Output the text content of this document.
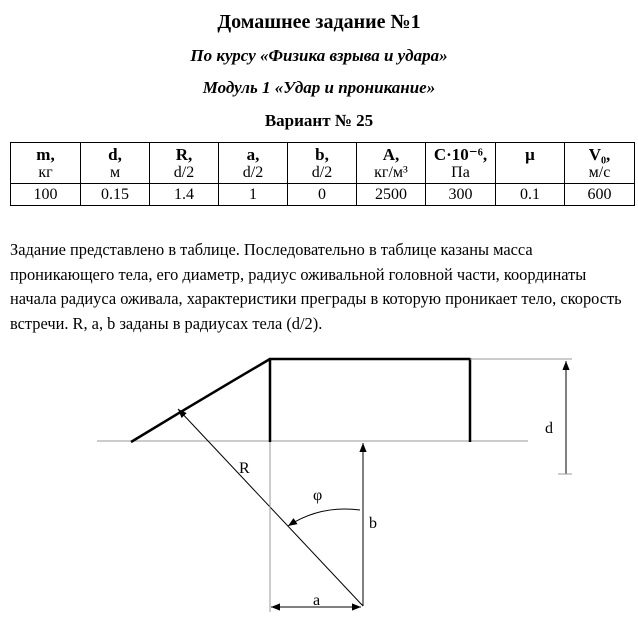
Домашнее задание №1
По курсу «Физика взрыва и удара»
Модуль 1 «Удар и проникание»
Вариант № 25
m,	d,	R,	a,	b,	A,	C·10⁻⁶,	μ	V₀,
кг	м	d/2	d/2	d/2	кг/м³	Па		м/с
100	0.15	1.4	1	0	2500	300	0.1	600

Задание представлено в таблице. Последовательно в таблице казаны масса проникающего тела, его диаметр, радиус оживальной головной части, координаты начала радиуса оживала, характеристики преграды в которую проникает тело, скорость встречи. R, a, b заданы в радиусах тела (d/2).

R
φ
b
a
d
